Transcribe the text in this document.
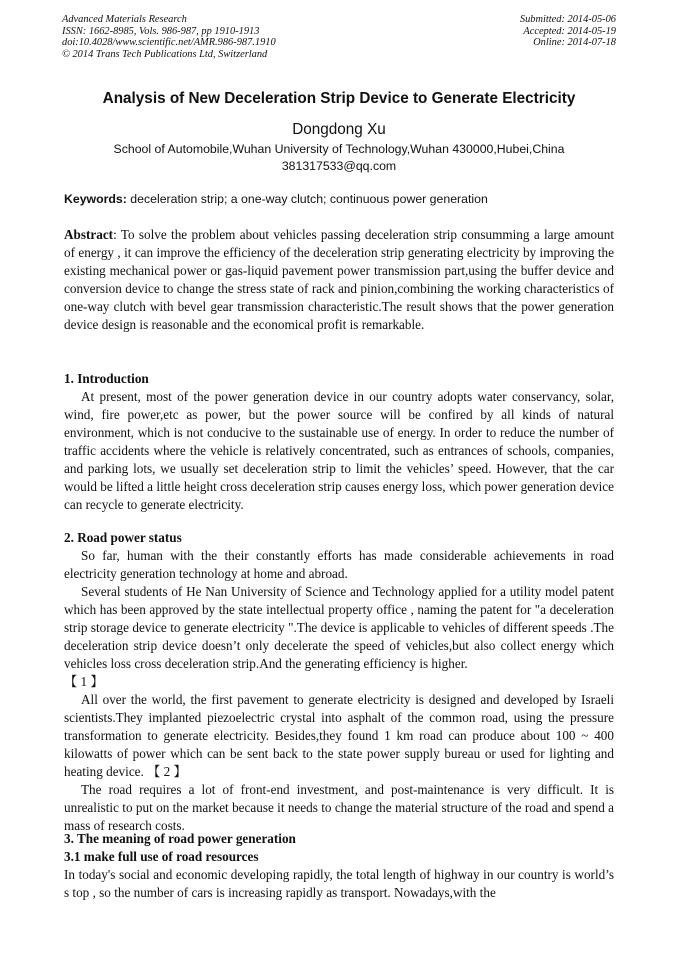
Advanced Materials Research
ISSN: 1662-8985, Vols. 986-987, pp 1910-1913
doi:10.4028/www.scientific.net/AMR.986-987.1910
© 2014 Trans Tech Publications Ltd, Switzerland
Submitted: 2014-05-06
Accepted: 2014-05-19
Online: 2014-07-18
Analysis of New Deceleration Strip Device to Generate Electricity
Dongdong Xu
School of Automobile,Wuhan University of Technology,Wuhan 430000,Hubei,China
381317533@qq.com
Keywords: deceleration strip; a one-way clutch; continuous power generation

Abstract: To solve the problem about vehicles passing deceleration strip consumming a large amount of energy , it can improve the efficiency of the deceleration strip generating electricity by improving the existing mechanical power or gas-liquid pavement power transmission part,using the buffer device and conversion device to change the stress state of rack and pinion,combining the working characteristics of one-way clutch with bevel gear transmission characteristic.The result shows that the power generation device design is reasonable and the economical profit is remarkable.

1. Introduction

At present, most of the power generation device in our country adopts water conservancy, solar, wind, fire power,etc as power, but the power source will be confired by all kinds of natural environment, which is not conducive to the sustainable use of energy. In order to reduce the number of traffic accidents where the vehicle is relatively concentrated, such as entrances of schools, companies, and parking lots, we usually set deceleration strip to limit the vehicles’ speed. However, that the car would be lifted a little height cross deceleration strip causes energy loss, which power generation device can recycle to generate electricity.

2. Road power status

So far, human with the their constantly efforts has made considerable achievements in road electricity generation technology at home and abroad.

Several students of He Nan University of Science and Technology applied for a utility model patent which has been approved by the state intellectual property office , naming the patent for "a deceleration strip storage device to generate electricity ".The device is applicable to vehicles of different speeds .The deceleration strip device doesn’t only decelerate the speed of vehicles,but also collect energy which vehicles loss cross deceleration strip.And the generating efficiency is higher.

【 1 】

All over the world, the first pavement to generate electricity is designed and developed by Israeli scientists.They implanted piezoelectric crystal into asphalt of the common road, using the pressure transformation to generate electricity. Besides,they found 1 km road can produce about 100 ~ 400 kilowatts of power which can be sent back to the state power supply bureau or used for lighting and heating device. 【 2 】

The road requires a lot of front-end investment, and post-maintenance is very difficult. It is unrealistic to put on the market because it needs to change the material structure of the road and spend a mass of research costs.

3. The meaning of road power generation

3.1 make full use of road resources

In today's social and economic developing rapidly, the total length of highway in our country is world’s s top , so the number of cars is increasing rapidly as transport. Nowadays,with the
